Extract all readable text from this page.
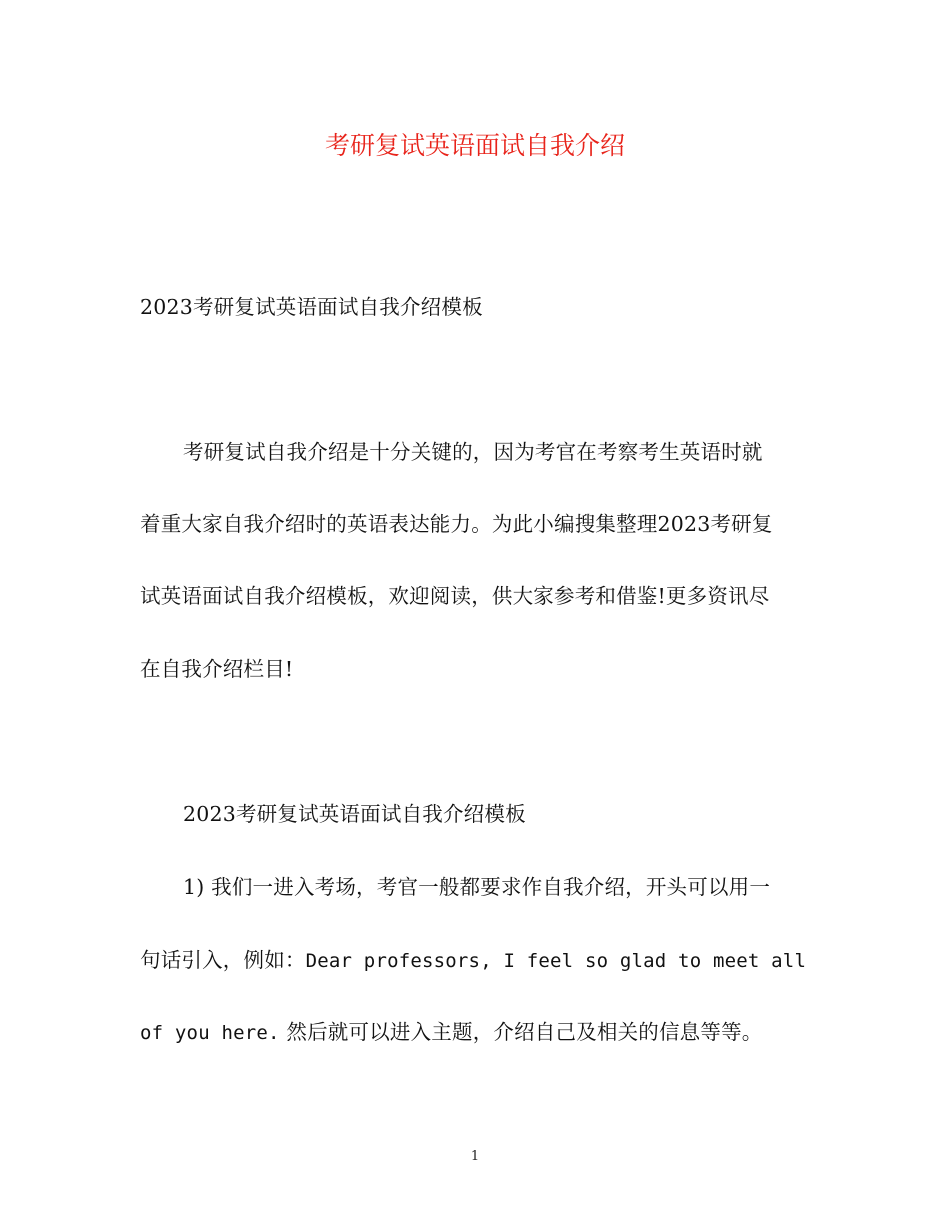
考研复试英语面试自我介绍
2023考研复试英语面试自我介绍模板
考研复试自我介绍是十分关键的，因为考官在考察考生英语时就
着重大家自我介绍时的英语表达能力。为此小编搜集整理2023考研复
试英语面试自我介绍模板，欢迎阅读，供大家参考和借鉴!更多资讯尽
在自我介绍栏目!
2023考研复试英语面试自我介绍模板
1) 我们一进入考场，考官一般都要求作自我介绍，开头可以用一
句话引入，例如：Dear professors, I feel so glad to meet all
of you here. 然后就可以进入主题，介绍自己及相关的信息等等。
1
